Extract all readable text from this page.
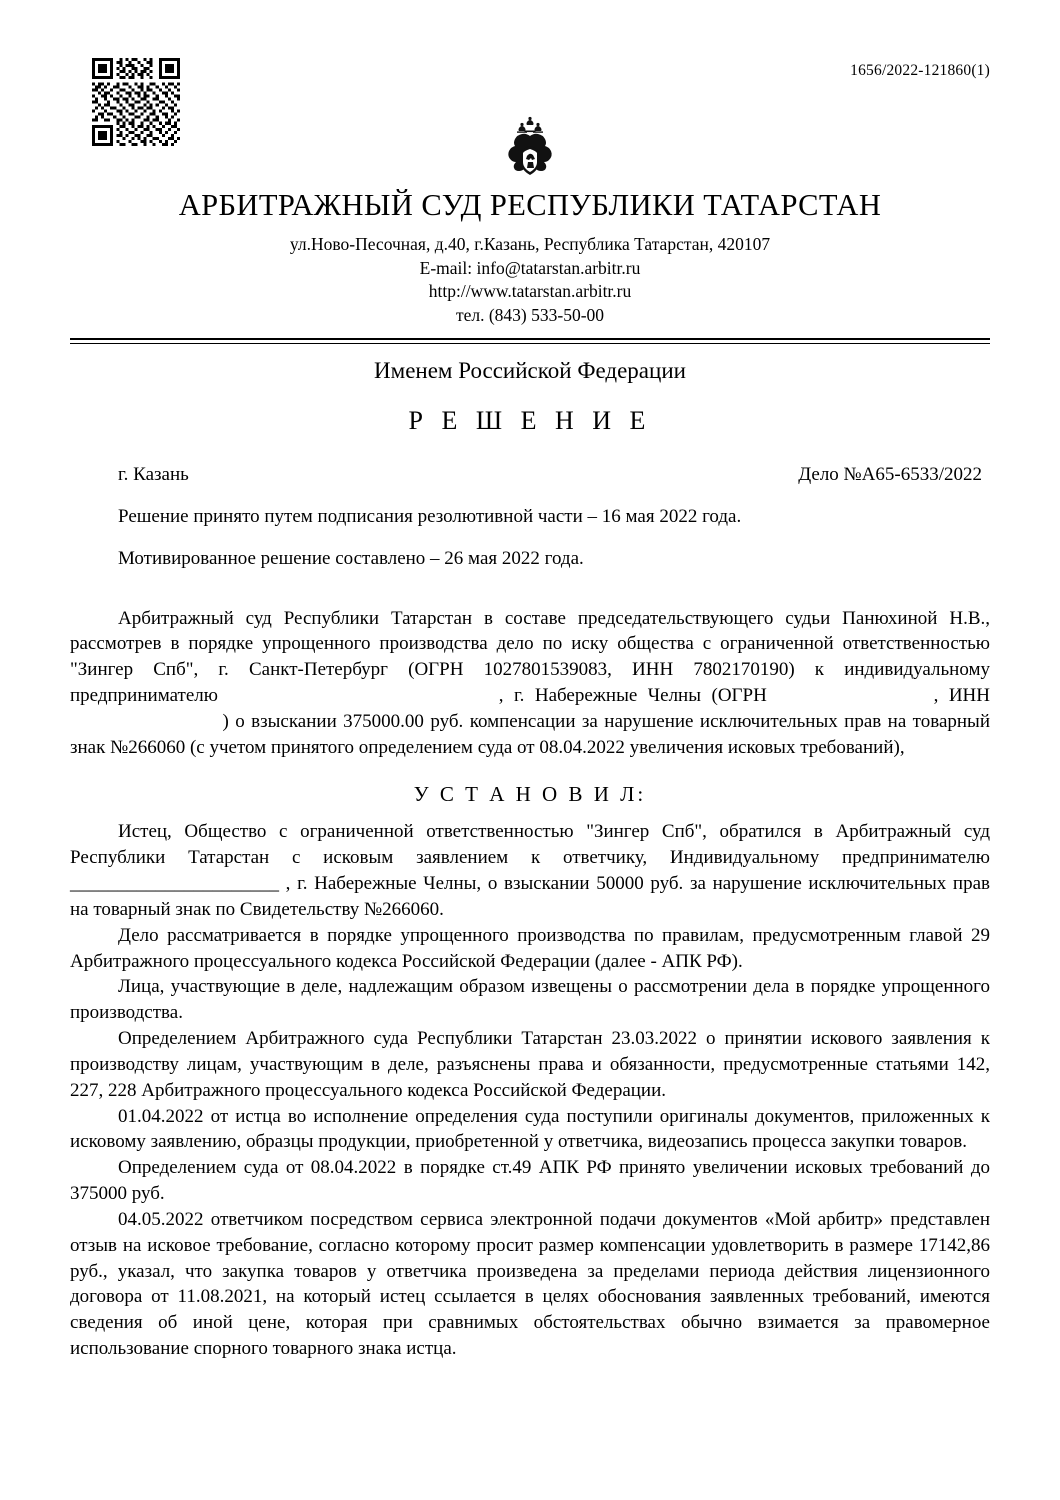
1656/2022-121860(1)
АРБИТРАЖНЫЙ СУД РЕСПУБЛИКИ ТАТАРСТАН
ул.Ново-Песочная, д.40, г.Казань, Республика Татарстан, 420107
E-mail: info@tatarstan.arbitr.ru
http://www.tatarstan.arbitr.ru
тел. (843) 533-50-00
Именем Российской Федерации
Р Е Ш Е Н И Е
г. Казань	Дело №А65-6533/2022
Решение принято путем подписания резолютивной части – 16 мая 2022 года.
Мотивированное решение составлено – 26 мая 2022 года.

Арбитражный суд Республики Татарстан в составе председательствующего судьи Панюхиной Н.В., рассмотрев в порядке упрощенного производства дело по иску общества с ограниченной ответственностью "Зингер Спб", г. Санкт-Петербург (ОГРН 1027801539083, ИНН 7802170190) к индивидуальному предпринимателю	, г. Набережные Челны (ОГРН	, ИНН                      ) о взыскании 375000.00 руб. компенсации за нарушение исключительных прав на товарный знак №266060 (с учетом принятого определением суда от 08.04.2022 увеличения исковых требований),

У С Т А Н О В И Л:

Истец, Общество с ограниченной ответственностью "Зингер Спб", обратился в Арбитражный суд Республики Татарстан с исковым заявлением к ответчику, Индивидуальному предпринимателю ______________________ , г. Набережные Челны, о взыскании 50000 руб. за нарушение исключительных прав на товарный знак по Свидетельству №266060.

Дело рассматривается в порядке упрощенного производства по правилам, предусмотренным главой 29 Арбитражного процессуального кодекса Российской Федерации (далее - АПК РФ).

Лица, участвующие в деле, надлежащим образом извещены о рассмотрении дела в порядке упрощенного производства.

Определением Арбитражного суда Республики Татарстан 23.03.2022 о принятии искового заявления к производству лицам, участвующим в деле, разъяснены права и обязанности, предусмотренные статьями 142, 227, 228 Арбитражного процессуального кодекса Российской Федерации.

01.04.2022 от истца во исполнение определения суда поступили оригиналы документов, приложенных к исковому заявлению, образцы продукции, приобретенной у ответчика, видеозапись процесса закупки товаров.

Определением суда от 08.04.2022 в порядке ст.49 АПК РФ принято увеличении исковых требований до 375000 руб.

04.05.2022 ответчиком посредством сервиса электронной подачи документов «Мой арбитр» представлен отзыв на исковое требование, согласно которому просит размер компенсации удовлетворить в размере 17142,86 руб., указал, что закупка товаров у ответчика произведена за пределами периода действия лицензионного договора от 11.08.2021, на который истец ссылается в целях обоснования заявленных требований, имеются сведения об иной цене, которая при сравнимых обстоятельствах обычно взимается за правомерное использование спорного товарного знака истца.
